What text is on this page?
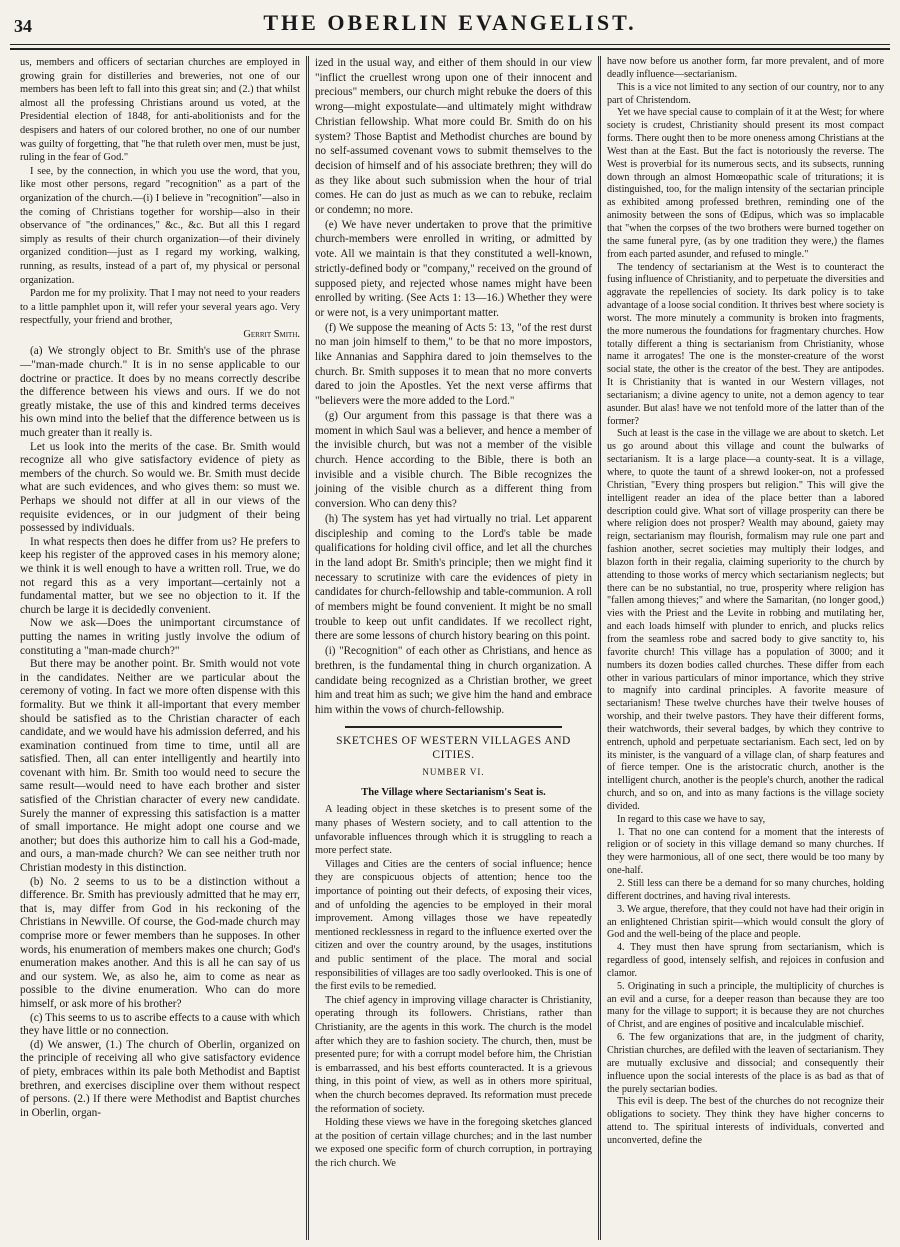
34	THE OBERLIN EVANGELIST.

us, members and officers of sectarian churches are employed in growing grain for distilleries and breweries, not one of our members has been left to fall into this great sin; and (2.) that whilst almost all the professing Christians around us voted, at the Presidential election of 1848, for anti-abolitionists and for the despisers and haters of our colored brother, no one of our number was guilty of forgetting, that "he that ruleth over men, must be just, ruling in the fear of God."

I see, by the connection, in which you use the word, that you, like most other persons, regard "recognition" as a part of the organization of the church.—(i) I believe in "recognition"—also in the coming of Christians together for worship—also in their observance of "the ordinances," &c., &c. But all this I regard simply as results of their church organization—of their divinely organized condition—just as I regard my working, walking, running, as results, instead of a part of, my physical or personal organization.

Pardon me for my prolixity. That I may not need to your readers to a little pamphlet upon it, will refer your several years ago. Very respectfully, your friend and brother,

Gerrit Smith.

(a) We strongly object to Br. Smith's use of the phrase—"man-made church." It is in no sense applicable to our doctrine or practice. It does by no means correctly describe the difference between his views and ours. If we do not greatly mistake, the use of this and kindred terms deceives his own mind into the belief that the difference between us is much greater than it really is.

Let us look into the merits of the case. Br. Smith would recognize all who give satisfactory evidence of piety as members of the church. So would we. Br. Smith must decide what are such evidences, and who gives them: so must we. Perhaps we should not differ at all in our views of the requisite evidences, or in our judgment of their being possessed by individuals.

In what respects then does he differ from us? He prefers to keep his register of the approved cases in his memory alone; we think it is well enough to have a written roll. True, we do not regard this as a very important—certainly not a fundamental matter, but we see no objection to it. If the church be large it is decidedly convenient.

Now we ask—Does the unimportant circumstance of putting the names in writing justly involve the odium of constituting a "man-made church?"

But there may be another point. Br. Smith would not vote in the candidates. Neither are we particular about the ceremony of voting. In fact we more often dispense with this formality. But we think it all-important that every member should be satisfied as to the Christian character of each candidate, and we would have his admission deferred, and his examination continued from time to time, until all are satisfied. Then, all can enter intelligently and heartily into covenant with him. Br. Smith too would need to secure the same result—would need to have each brother and sister satisfied of the Christian character of every new candidate. Surely the manner of expressing this satisfaction is a matter of small importance. He might adopt one course and we another; but does this authorize him to call his a God-made, and ours, a man-made church? We can see neither truth nor Christian modesty in this distinction.

(b) No. 2 seems to us to be a distinction without a difference. Br. Smith has previously admitted that he may err, that is, may differ from God in his reckoning of the Christians in Newville. Of course, the God-made church may comprise more or fewer members than he supposes. In other words, his enumeration of members makes one church; God's enumeration makes another. And this is all he can say of us and our system. We, as also he, aim to come as near as possible to the divine enumeration. Who can do more himself, or ask more of his brother?

(c) This seems to us to ascribe effects to a cause with which they have little or no connection.

(d) We answer, (1.) The church of Oberlin, organized on the principle of receiving all who give satisfactory evidence of piety, embraces within its pale both Methodist and Baptist brethren, and exercises discipline over them without respect of persons. (2.) If there were Methodist and Baptist churches in Oberlin, organ-

ized in the usual way, and either of them should in our view "inflict the cruellest wrong upon one of their innocent and precious" members, our church might rebuke the doers of this wrong—might expostulate—and ultimately might withdraw Christian fellowship. What more could Br. Smith do on his system? Those Baptist and Methodist churches are bound by no self-assumed covenant vows to submit themselves to the decision of himself and of his associate brethren; they will do as they like about such submission when the hour of trial comes. He can do just as much as we can to rebuke, reclaim or condemn; no more.

(e) We have never undertaken to prove that the primitive church-members were enrolled in writing, or admitted by vote. All we maintain is that they constituted a well-known, strictly-defined body or "company," received on the ground of supposed piety, and rejected whose names might have been enrolled by writing. (See Acts 1: 13—16.) Whether they were or were not, is a very unimportant matter.

(f) We suppose the meaning of Acts 5: 13, "of the rest durst no man join himself to them," to be that no more impostors, like Annanias and Sapphira dared to join themselves to the church. Br. Smith supposes it to mean that no more converts dared to join the Apostles. Yet the next verse affirms that "believers were the more added to the Lord."

(g) Our argument from this passage is that there was a moment in which Saul was a believer, and hence a member of the invisible church, but was not a member of the visible church. Hence according to the Bible, there is both an invisible and a visible church. The Bible recognizes the joining of the visible church as a different thing from conversion. Who can deny this?

(h) The system has yet had virtually no trial. Let apparent discipleship and coming to the Lord's table be made qualifications for holding civil office, and let all the churches in the land adopt Br. Smith's principle; then we might find it necessary to scrutinize with care the evidences of piety in candidates for church-fellowship and table-communion. A roll of members might be found convenient. It might be no small trouble to keep out unfit candidates. If we recollect right, there are some lessons of church history bearing on this point.

(i) "Recognition" of each other as Christians, and hence as brethren, is the fundamental thing in church organization. A candidate being recognized as a Christian brother, we greet him and treat him as such; we give him the hand and embrace him within the vows of church-fellowship.

SKETCHES OF WESTERN VILLAGES AND CITIES.
NUMBER VI.
The Village where Sectarianism's Seat is.

A leading object in these sketches is to present some of the many phases of Western society, and to call attention to the unfavorable influences through which it is struggling to reach a more perfect state.

Villages and Cities are the centers of social influence; hence they are conspicuous objects of attention; hence too the importance of pointing out their defects, of exposing their vices, and of unfolding the agencies to be employed in their moral improvement. Among villages those we have repeatedly mentioned recklessness in regard to the influence exerted over the citizen and over the country around, by the usages, institutions and public sentiment of the place. The moral and social responsibilities of villages are too sadly overlooked. This is one of the first evils to be remedied.

The chief agency in improving village character is Christianity, operating through its followers. Christians, rather than Christianity, are the agents in this work. The church is the model after which they are to fashion society. The church, then, must be presented pure; for with a corrupt model before him, the Christian is embarrassed, and his best efforts counteracted. It is a grievous thing, in this point of view, as well as in others more spiritual, when the church becomes depraved. Its reformation must precede the reformation of society.

Holding these views we have in the foregoing sketches glanced at the position of certain village churches; and in the last number we exposed one specific form of church corruption, in portraying the rich church. We

have now before us another form, far more prevalent, and of more deadly influence—sectarianism.

This is a vice not limited to any section of our country, nor to any part of Christendom.

Yet we have special cause to complain of it at the West; for where society is crudest, Christianity should present its most compact forms. There ought then to be more oneness among Christians at the West than at the East. But the fact is notoriously the reverse. The West is proverbial for its numerous sects, and its subsects, running down through an almost Homœopathic scale of triturations; it is distinguished, too, for the malign intensity of the sectarian principle as exhibited among professed brethren, reminding one of the animosity between the sons of Œdipus, which was so implacable that "when the corpses of the two brothers were burned together on the same funeral pyre, (as by one tradition they were,) the flames from each parted asunder, and refused to mingle."

The tendency of sectarianism at the West is to counteract the fusing influence of Christianity, and to perpetuate the diversities and aggravate the repellencies of society. Its dark policy is to take advantage of a loose social condition. It thrives best where society is worst. The more minutely a community is broken into fragments, the more numerous the foundations for fragmentary churches. How totally different a thing is sectarianism from Christianity, whose name it arrogates! The one is the monster-creature of the worst social state, the other is the creator of the best. They are antipodes. It is Christianity that is wanted in our Western villages, not sectarianism; a divine agency to unite, not a demon agency to tear asunder. But alas! have we not tenfold more of the latter than of the former?

Such at least is the case in the village we are about to sketch. Let us go around about this village and count the bulwarks of sectarianism. It is a large place—a county-seat. It is a village, where, to quote the taunt of a shrewd looker-on, not a professed Christian, "Every thing prospers but religion." This will give the intelligent reader an idea of the place better than a labored description could give. What sort of village prosperity can there be where religion does not prosper? Wealth may abound, gaiety may reign, sectarianism may flourish, formalism may rule one part and fashion another, secret societies may multiply their lodges, and blazon forth in their regalia, claiming superiority to the church by attending to those works of mercy which sectarianism neglects; but there can be no substantial, no true, prosperity where religion has "fallen among thieves;" and where the Samaritan, (no longer good,) vies with the Priest and the Levite in robbing and mutilating her, and each loads himself with plunder to enrich, and plucks relics from the seamless robe and sacred body to give sanctity to, his favorite church! This village has a population of 3000; and it numbers its dozen bodies called churches. These differ from each other in various particulars of minor importance, which they strive to magnify into cardinal principles. A favorite measure of sectarianism! These twelve churches have their twelve houses of worship, and their twelve pastors. They have their different forms, their watchwords, their several badges, by which they contrive to entrench, uphold and perpetuate sectarianism. Each sect, led on by its minister, is the vanguard of a village clan, of sharp features and of fierce temper. One is the aristocratic church, another is the intelligent church, another is the people's church, another the radical church, and so on, and into as many factions is the village society divided.

In regard to this case we have to say,

1. That no one can contend for a moment that the interests of religion or of society in this village demand so many churches. If they were harmonious, all of one sect, there would be too many by one-half.

2. Still less can there be a demand for so many churches, holding different doctrines, and having rival interests.

3. We argue, therefore, that they could not have had their origin in an enlightened Christian spirit—which would consult the glory of God and the well-being of the place and people.

4. They must then have sprung from sectarianism, which is regardless of good, intensely selfish, and rejoices in confusion and clamor.

5. Originating in such a principle, the multiplicity of churches is an evil and a curse, for a deeper reason than because they are too many for the village to support; it is because they are not churches of Christ, and are engines of positive and incalculable mischief.

6. The few organizations that are, in the judgment of charity, Christian churches, are defiled with the leaven of sectarianism. They are mutually exclusive and dissocial; and consequently their influence upon the social interests of the place is as bad as that of the purely sectarian bodies.

This evil is deep. The best of the churches do not recognize their obligations to society. They think they have higher concerns to attend to. The spiritual interests of individuals, converted and unconverted, define the
